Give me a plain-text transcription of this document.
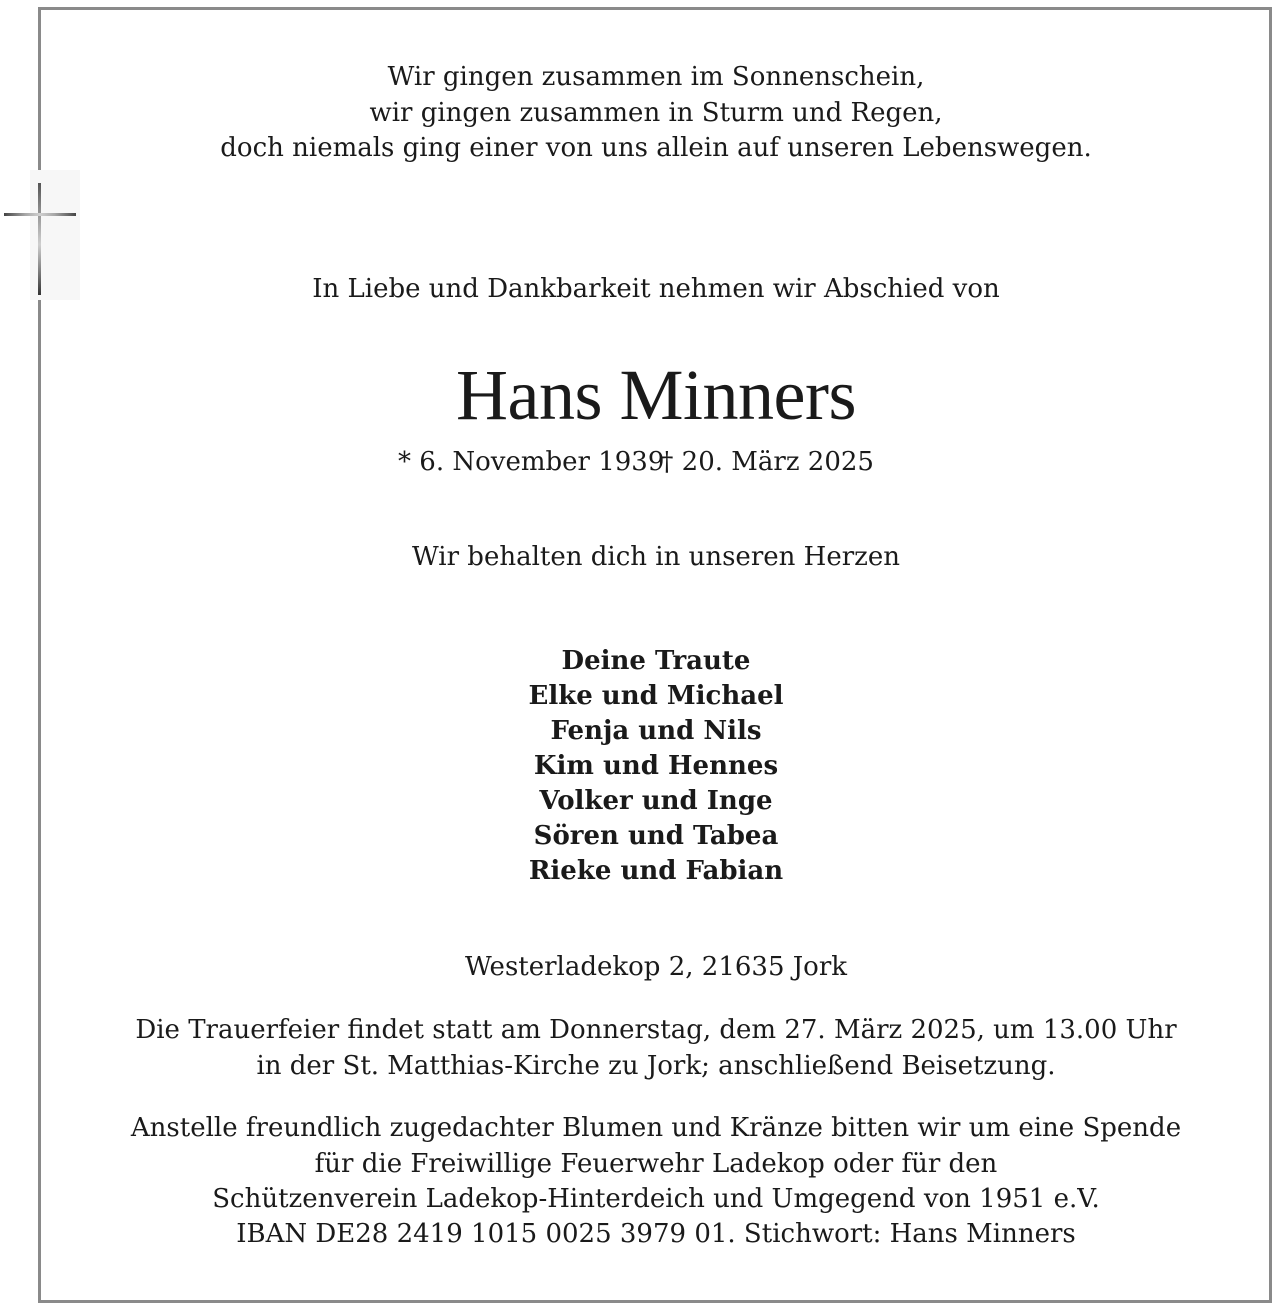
Wir gingen zusammen im Sonnenschein,
wir gingen zusammen in Sturm und Regen,
doch niemals ging einer von uns allein auf unseren Lebenswegen.
In Liebe und Dankbarkeit nehmen wir Abschied von
Hans Minners
* 6. November 1939† 20. März 2025
Wir behalten dich in unseren Herzen
Deine Traute
Elke und Michael
Fenja und Nils
Kim und Hennes
Volker und Inge
Sören und Tabea
Rieke und Fabian
Westerladekop 2, 21635 Jork
Die Trauerfeier findet statt am Donnerstag, dem 27. März 2025, um 13.00 Uhr
in der St. Matthias-Kirche zu Jork; anschließend Beisetzung.
Anstelle freundlich zugedachter Blumen und Kränze bitten wir um eine Spende
für die Freiwillige Feuerwehr Ladekop oder für den
Schützenverein Ladekop-Hinterdeich und Umgegend von 1951 e.V.
IBAN DE28 2419 1015 0025 3979 01. Stichwort: Hans Minners
